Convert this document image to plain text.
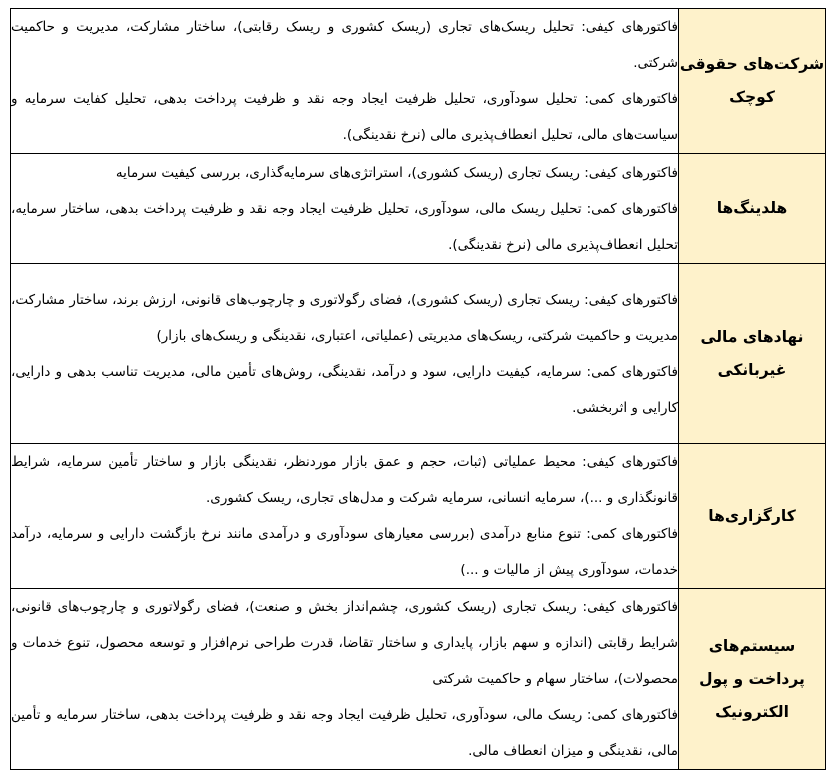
شرکت‌های حقوقی کوچک	فاکتورهای کیفی: تحلیل ریسک‌های تجاری (ریسک کشوری و ریسک رقابتی)، ساختار مشارکت، مدیریت و حاکمیت شرکتی.

فاکتورهای کمی: تحلیل سودآوری، تحلیل ظرفیت ایجاد وجه نقد و ظرفیت پرداخت بدهی، تحلیل کفایت سرمایه و سیاست‌های مالی، تحلیل انعطاف‌پذیری مالی (نرخ نقدینگی).

هلدینگ‌ها	فاکتورهای کیفی: ریسک تجاری (ریسک کشوری)، استراتژی‌های سرمایه‌گذاری، بررسی کیفیت سرمایه

فاکتورهای کمی: تحلیل ریسک مالی، سودآوری، تحلیل ظرفیت ایجاد وجه نقد و ظرفیت پرداخت بدهی، ساختار سرمایه، تحلیل انعطاف‌پذیری مالی (نرخ نقدینگی).

نهادهای مالی غیربانکی	فاکتورهای کیفی: ریسک تجاری (ریسک کشوری)، فضای رگولاتوری و چارچوب‌های قانونی، ارزش برند، ساختار مشارکت، مدیریت و حاکمیت شرکتی، ریسک‌های مدیریتی (عملیاتی، اعتباری، نقدینگی و ریسک‌های بازار)

فاکتورهای کمی: سرمایه، کیفیت دارایی، سود و درآمد، نقدینگی، روش‌های تأمین مالی، مدیریت تناسب بدهی و دارایی، کارایی و اثربخشی.

کارگزاری‌ها	فاکتورهای کیفی: محیط عملیاتی (ثبات، حجم و عمق بازار موردنظر، نقدینگی بازار و ساختار تأمین سرمایه، شرایط قانونگذاری و ...)، سرمایه انسانی، سرمایه شرکت و مدل‌های تجاری، ریسک کشوری.

فاکتورهای کمی: تنوع منابع درآمدی (بررسی معیارهای سودآوری و درآمدی مانند نرخ بازگشت دارایی و سرمایه، درآمد خدمات، سودآوری پیش از مالیات و ...)

سیستم‌های پرداخت و پول الکترونیک	فاکتورهای کیفی: ریسک تجاری (ریسک کشوری، چشم‌انداز بخش و صنعت)، فضای رگولاتوری و چارچوب‌های قانونی، شرایط رقابتی (اندازه و سهم بازار، پایداری و ساختار تقاضا، قدرت طراحی نرم‌افزار و توسعه محصول، تنوع خدمات و محصولات)، ساختار سهام و حاکمیت شرکتی

فاکتورهای کمی: ریسک مالی، سودآوری، تحلیل ظرفیت ایجاد وجه نقد و ظرفیت پرداخت بدهی، ساختار سرمایه و تأمین مالی، نقدینگی و میزان انعطاف مالی.
